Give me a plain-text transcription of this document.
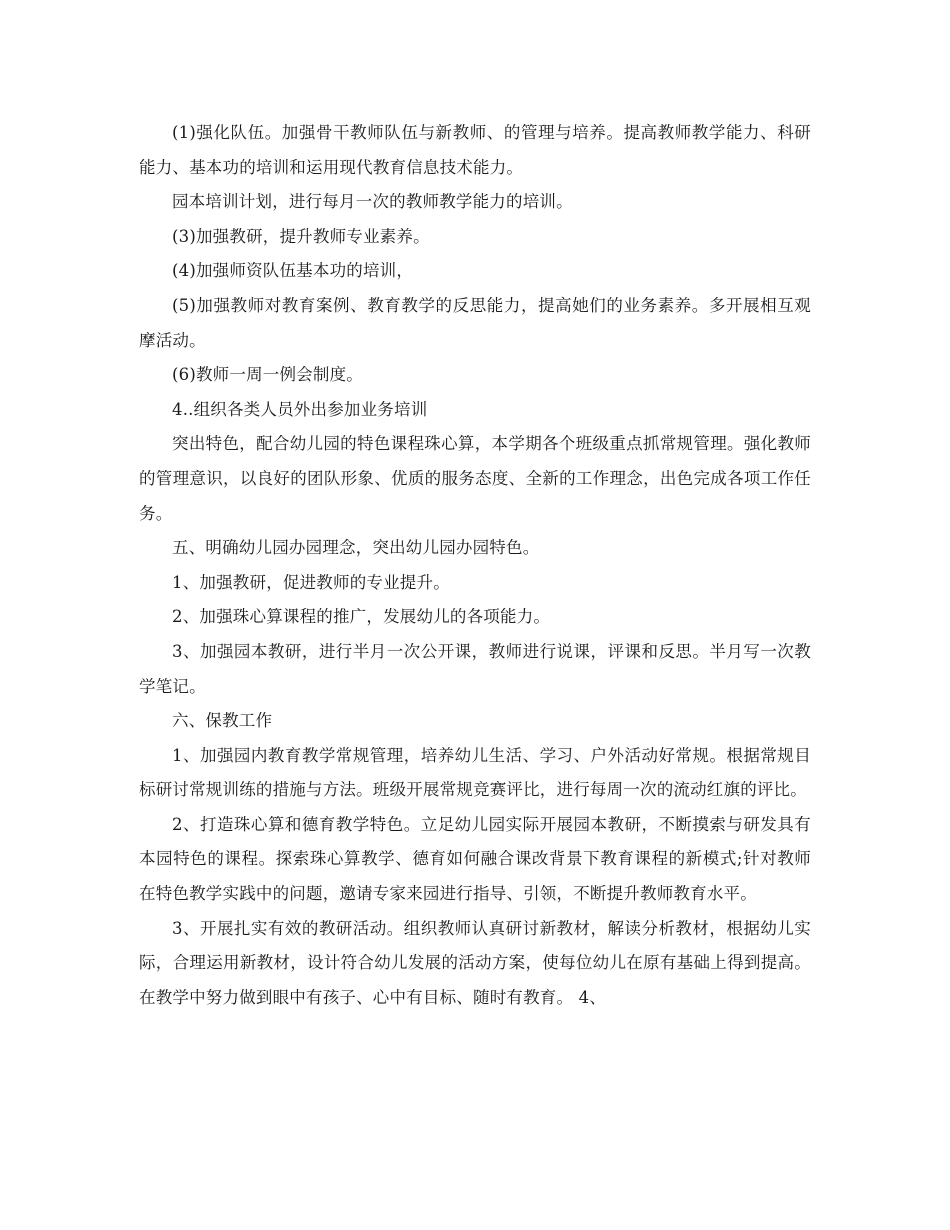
(1)强化队伍。加强骨干教师队伍与新教师、的管理与培养。提高教师教学能力、科研能力、基本功的培训和运用现代教育信息技术能力。

园本培训计划，进行每月一次的教师教学能力的培训。

(3)加强教研，提升教师专业素养。

(4)加强师资队伍基本功的培训，

(5)加强教师对教育案例、教育教学的反思能力，提高她们的业务素养。多开展相互观摩活动。

(6)教师一周一例会制度。

4..组织各类人员外出参加业务培训

突出特色，配合幼儿园的特色课程珠心算，本学期各个班级重点抓常规管理。强化教师的管理意识，以良好的团队形象、优质的服务态度、全新的工作理念，出色完成各项工作任务。

五、明确幼儿园办园理念，突出幼儿园办园特色。

1、加强教研，促进教师的专业提升。

2、加强珠心算课程的推广，发展幼儿的各项能力。

3、加强园本教研，进行半月一次公开课，教师进行说课，评课和反思。半月写一次教学笔记。

六、保教工作

1、加强园内教育教学常规管理，培养幼儿生活、学习、户外活动好常规。根据常规目标研讨常规训练的措施与方法。班级开展常规竞赛评比，进行每周一次的流动红旗的评比。

2、打造珠心算和德育教学特色。立足幼儿园实际开展园本教研，不断摸索与研发具有本园特色的课程。探索珠心算教学、德育如何融合课改背景下教育课程的新模式;针对教师在特色教学实践中的问题，邀请专家来园进行指导、引领，不断提升教师教育水平。

3、开展扎实有效的教研活动。组织教师认真研讨新教材，解读分析教材，根据幼儿实际，合理运用新教材，设计符合幼儿发展的活动方案，使每位幼儿在原有基础上得到提高。在教学中努力做到眼中有孩子、心中有目标、随时有教育。 4、
